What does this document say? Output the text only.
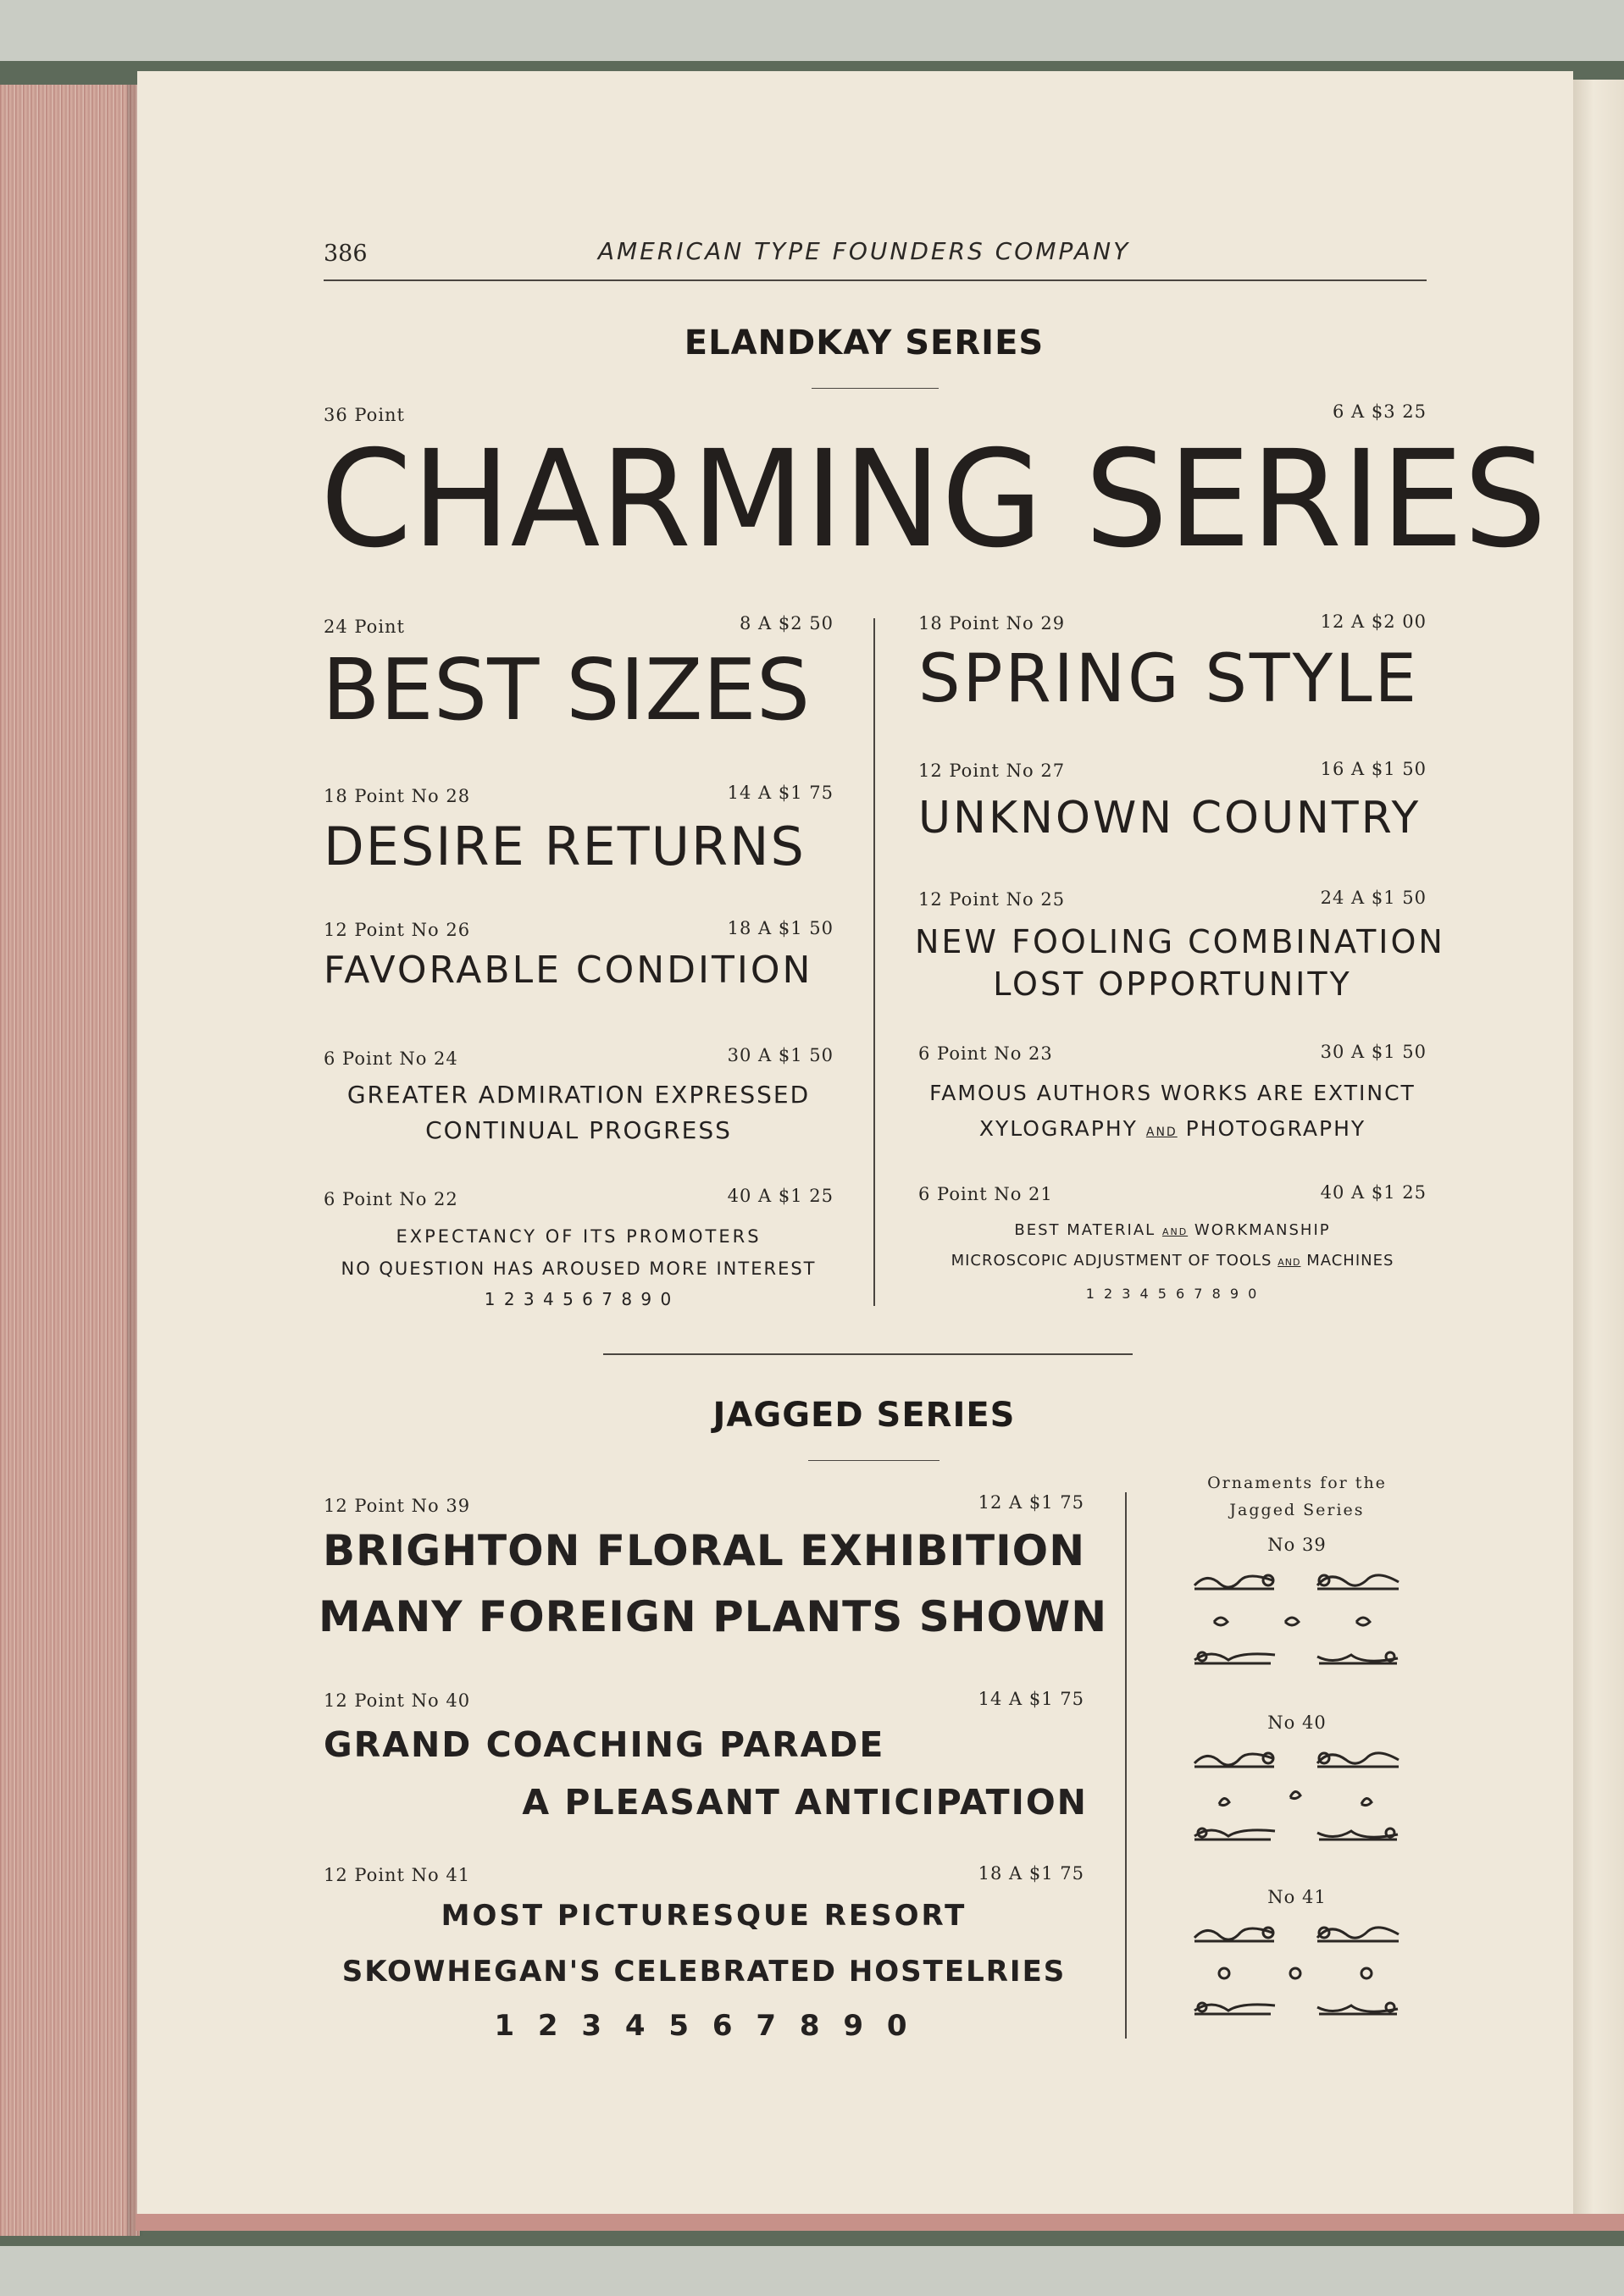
386	AMERICAN TYPE FOUNDERS COMPANY
ELANDKAY SERIES
36 Point	6 A $3 25
CHARMING SERIES
24 Point	8 A $2 50
BEST SIZES
18 Point No 28	14 A $1 75
DESIRE RETURNS
12 Point No 26	18 A $1 50
FAVORABLE CONDITION
6 Point No 24	30 A $1 50
GREATER ADMIRATION EXPRESSED
CONTINUAL PROGRESS
6 Point No 22	40 A $1 25
EXPECTANCY OF ITS PROMOTERS
NO QUESTION HAS AROUSED MORE INTEREST
1 2 3 4 5 6 7 8 9 0
18 Point No 29	12 A $2 00
SPRING STYLE
12 Point No 27	16 A $1 50
UNKNOWN COUNTRY
12 Point No 25	24 A $1 50
NEW FOOLING COMBINATION
LOST OPPORTUNITY
6 Point No 23	30 A $1 50
FAMOUS AUTHORS WORKS ARE EXTINCT
XYLOGRAPHY AND PHOTOGRAPHY
6 Point No 21	40 A $1 25
BEST MATERIAL AND WORKMANSHIP
MICROSCOPIC ADJUSTMENT OF TOOLS AND MACHINES
1 2 3 4 5 6 7 8 9 0
JAGGED SERIES
12 Point No 39	12 A $1 75
BRIGHTON FLORAL EXHIBITION
MANY FOREIGN PLANTS SHOWN
12 Point No 40	14 A $1 75
GRAND COACHING PARADE
A PLEASANT ANTICIPATION
12 Point No 41	18 A $1 75
MOST PICTURESQUE RESORT
SKOWHEGAN'S CELEBRATED HOSTELRIES
1 2 3 4 5 6 7 8 9 0
Ornaments for the
Jagged Series
No 39
No 40
No 41
